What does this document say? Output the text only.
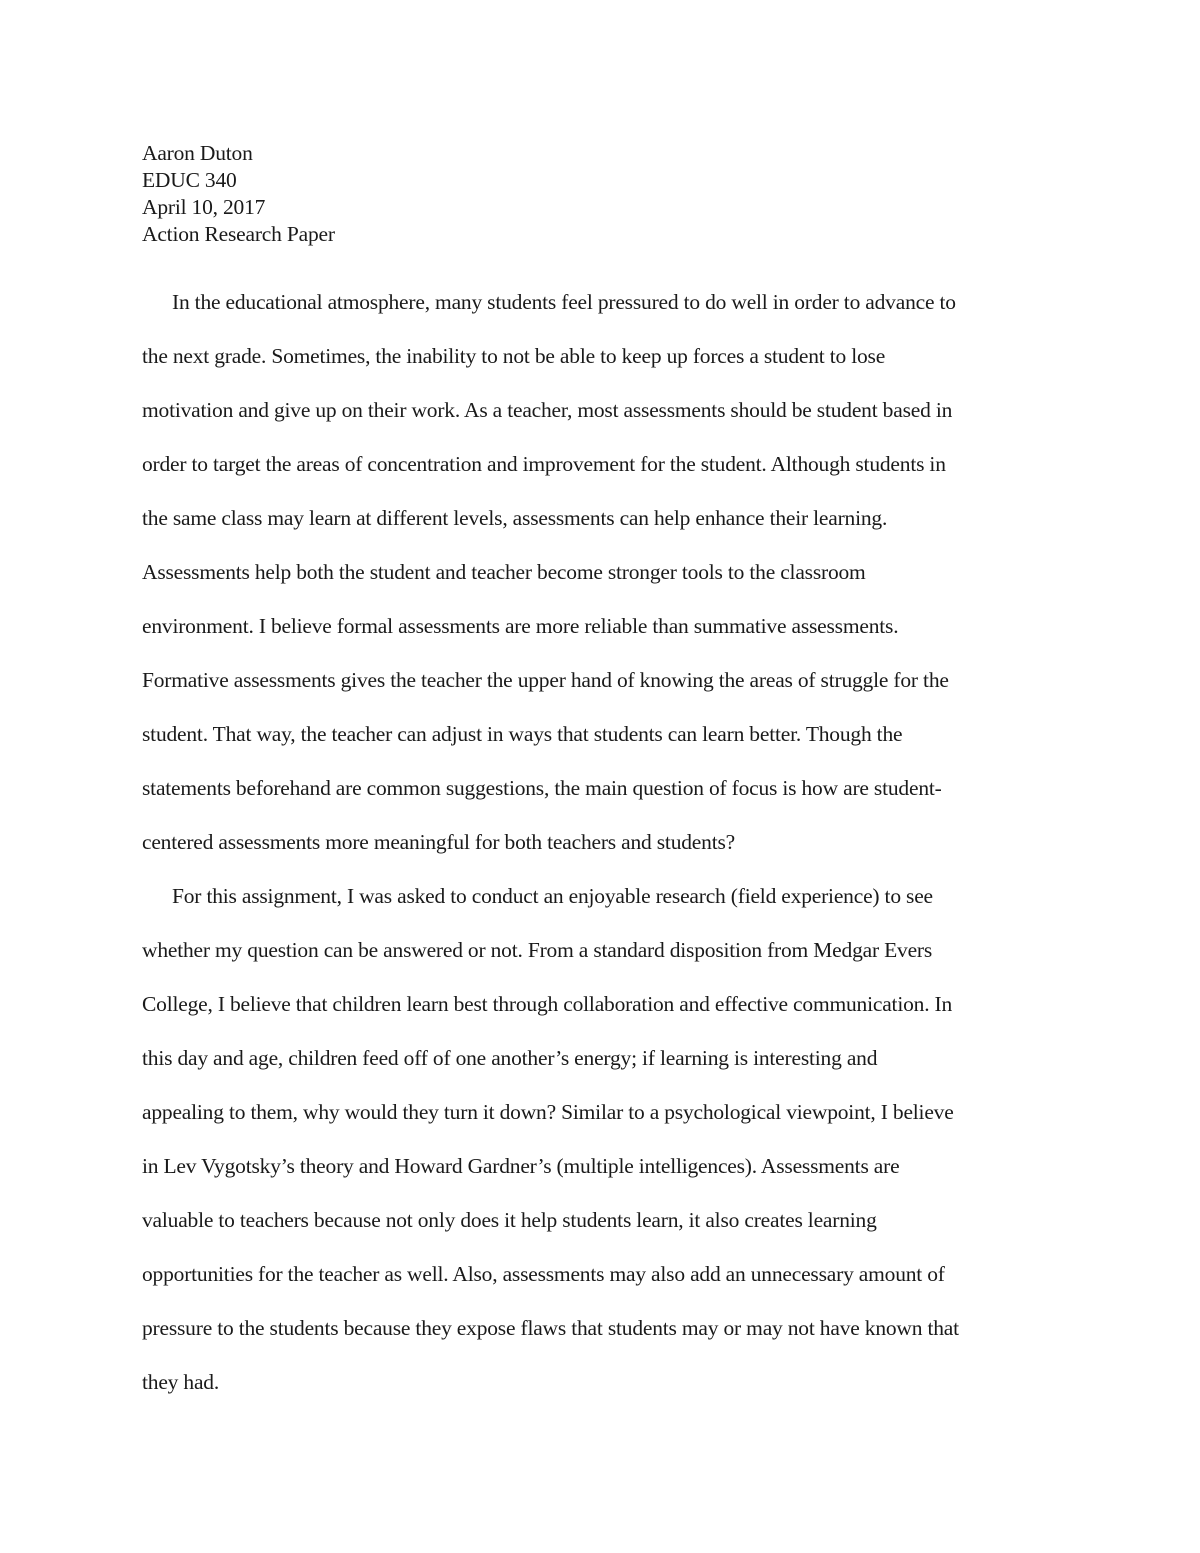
Aaron Duton
EDUC 340
April 10, 2017
Action Research Paper
In the educational atmosphere, many students feel pressured to do well in order to advance to
the next grade. Sometimes, the inability to not be able to keep up forces a student to lose
motivation and give up on their work. As a teacher, most assessments should be student based in
order to target the areas of concentration and improvement for the student. Although students in
the same class may learn at different levels, assessments can help enhance their learning.
Assessments help both the student and teacher become stronger tools to the classroom
environment. I believe formal assessments are more reliable than summative assessments.
Formative assessments gives the teacher the upper hand of knowing the areas of struggle for the
student. That way, the teacher can adjust in ways that students can learn better. Though the
statements beforehand are common suggestions, the main question of focus is how are student-
centered assessments more meaningful for both teachers and students?
For this assignment, I was asked to conduct an enjoyable research (field experience) to see
whether my question can be answered or not. From a standard disposition from Medgar Evers
College, I believe that children learn best through collaboration and effective communication. In
this day and age, children feed off of one another’s energy; if learning is interesting and
appealing to them, why would they turn it down? Similar to a psychological viewpoint, I believe
in Lev Vygotsky’s theory and Howard Gardner’s (multiple intelligences). Assessments are
valuable to teachers because not only does it help students learn, it also creates learning
opportunities for the teacher as well. Also, assessments may also add an unnecessary amount of
pressure to the students because they expose flaws that students may or may not have known that
they had.
